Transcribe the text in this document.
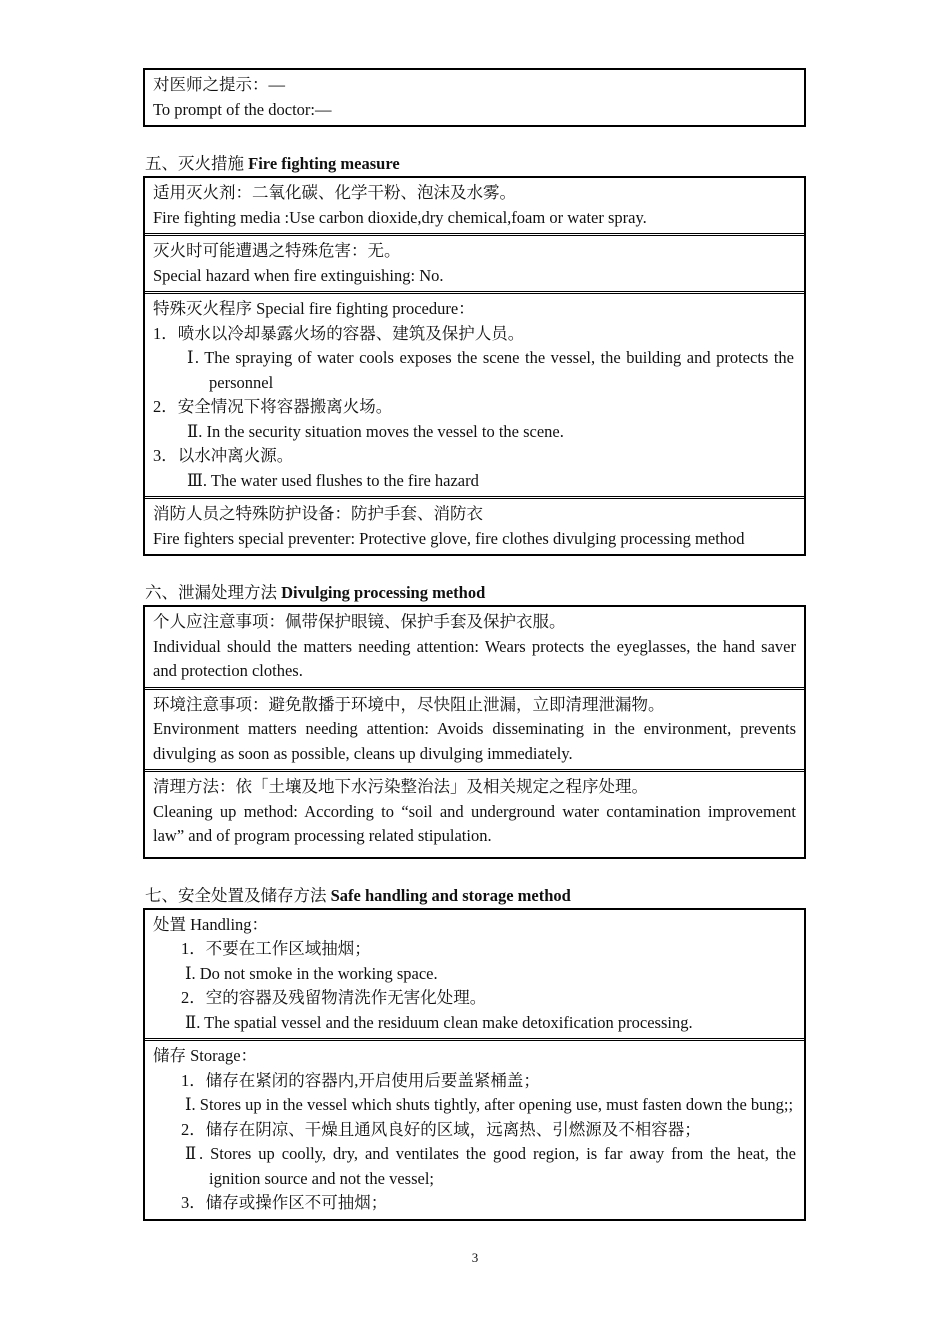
对医师之提示：—
To prompt of the doctor:—
五、灭火措施 Fire fighting measure
适用灭火剂：二氧化碳、化学干粉、泡沫及水雾。
Fire fighting media :Use carbon dioxide,dry chemical,foam or water spray.
灭火时可能遭遇之特殊危害：无。
Special hazard when fire extinguishing: No.
特殊灭火程序 Special fire fighting procedure：
1．喷水以冷却暴露火场的容器、建筑及保护人员。
Ⅰ. The spraying of water cools exposes the scene the vessel, the building and protects the personnel
2．安全情况下将容器搬离火场。
Ⅱ. In the security situation moves the vessel to the scene.
3．以水冲离火源。
Ⅲ. The water used flushes to the fire hazard
消防人员之特殊防护设备：防护手套、消防衣
Fire fighters special preventer: Protective glove, fire clothes divulging processing method
六、泄漏处理方法 Divulging processing method
个人应注意事项：佩带保护眼镜、保护手套及保护衣服。
Individual should the matters needing attention: Wears protects the eyeglasses, the hand saver and protection clothes.
环境注意事项：避免散播于环境中，尽快阻止泄漏，立即清理泄漏物。
Environment matters needing attention: Avoids disseminating in the environment, prevents divulging as soon as possible, cleans up divulging immediately.
清理方法：依「土壤及地下水污染整治法」及相关规定之程序处理。
Cleaning up method: According to “soil and underground water contamination improvement law” and of program processing related stipulation.
七、安全处置及储存方法 Safe handling and storage method
处置 Handling：
1．不要在工作区域抽烟；
Ⅰ. Do not smoke in the working space.
2．空的容器及残留物清洗作无害化处理。
Ⅱ. The spatial vessel and the residuum clean make detoxification processing.
储存 Storage：
1．储存在紧闭的容器内,开启使用后要盖紧桶盖；
Ⅰ. Stores up in the vessel which shuts tightly, after opening use, must fasten down the bung;;
2．储存在阴凉、干燥且通风良好的区域，远离热、引燃源及不相容器；
Ⅱ. Stores up coolly, dry, and ventilates the good region, is far away from the heat, the ignition source and not the vessel;
3．储存或操作区不可抽烟；
3
